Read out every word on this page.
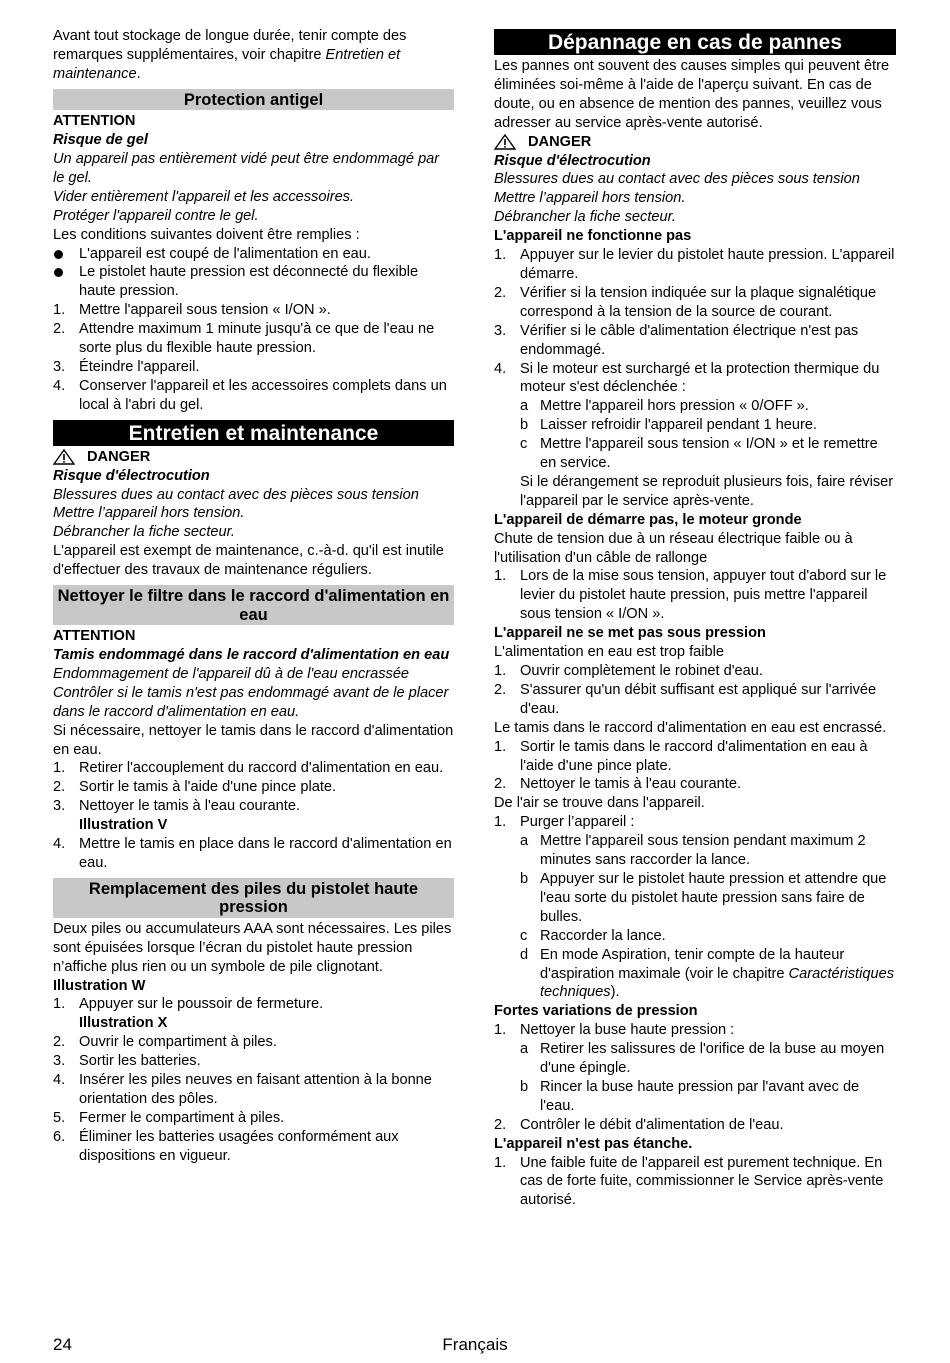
Avant tout stockage de longue durée, tenir compte des remarques supplémentaires, voir chapitre Entretien et maintenance.

Protection antigel

ATTENTION

Risque de gel

Un appareil pas entièrement vidé peut être endommagé par le gel.

Vider entièrement l'appareil et les accessoires.

Protéger l'appareil contre le gel.

Les conditions suivantes doivent être remplies :

L'appareil est coupé de l'alimentation en eau.
Le pistolet haute pression est déconnecté du flexible haute pression.
1. Mettre l'appareil sous tension « I/ON ».
2. Attendre maximum 1 minute jusqu'à ce que de l'eau ne sorte plus du flexible haute pression.
3. Éteindre l'appareil.
4. Conserver l'appareil et les accessoires complets dans un local à l'abri du gel.
Entretien et maintenance

DANGER

Risque d'électrocution

Blessures dues au contact avec des pièces sous tension

Mettre l’appareil hors tension.

Débrancher la fiche secteur.

L'appareil est exempt de maintenance, c.-à-d. qu'il est inutile d'effectuer des travaux de maintenance réguliers.

Nettoyer le filtre dans le raccord d'alimentation en eau

ATTENTION

Tamis endommagé dans le raccord d'alimentation en eau

Endommagement de l'appareil dû à de l'eau encrassée

Contrôler si le tamis n'est pas endommagé avant de le placer dans le raccord d'alimentation en eau.

Si nécessaire, nettoyer le tamis dans le raccord d'alimentation en eau.

1. Retirer l'accouplement du raccord d'alimentation en eau.
2. Sortir le tamis à l'aide d'une pince plate.
3. Nettoyer le tamis à l'eau courante.

Illustration V

4. Mettre le tamis en place dans le raccord d'alimentation en eau.
Remplacement des piles du pistolet haute pression

Deux piles ou accumulateurs AAA sont nécessaires. Les piles sont épuisées lorsque l’écran du pistolet haute pression n’affiche plus rien ou un symbole de pile clignotant.

Illustration W

1. Appuyer sur le poussoir de fermeture.

Illustration X

2. Ouvrir le compartiment à piles.
3. Sortir les batteries.
4. Insérer les piles neuves en faisant attention à la bonne orientation des pôles.
5. Fermer le compartiment à piles.
6. Éliminer les batteries usagées conformément aux dispositions en vigueur.
Dépannage en cas de pannes

Les pannes ont souvent des causes simples qui peuvent être éliminées soi-même à l'aide de l'aperçu suivant. En cas de doute, ou en absence de mention des pannes, veuillez vous adresser au service après-vente autorisé.

DANGER

Risque d'électrocution

Blessures dues au contact avec des pièces sous tension

Mettre l’appareil hors tension.

Débrancher la fiche secteur.

L'appareil ne fonctionne pas

1. Appuyer sur le levier du pistolet haute pression. L'appareil démarre.
2. Vérifier si la tension indiquée sur la plaque signalétique correspond à la tension de la source de courant.
3. Vérifier si le câble d'alimentation électrique n'est pas endommagé.
4. Si le moteur est surchargé et la protection thermique du moteur s'est déclenchée :
a Mettre l'appareil hors pression « 0/OFF ».
b Laisser refroidir l'appareil pendant 1 heure.
c Mettre l'appareil sous tension « I/ON » et le remettre en service.

Si le dérangement se reproduit plusieurs fois, faire réviser l'appareil par le service après-vente.

L'appareil de démarre pas, le moteur gronde

Chute de tension due à un réseau électrique faible ou à l'utilisation d'un câble de rallonge

1. Lors de la mise sous tension, appuyer tout d'abord sur le levier du pistolet haute pression, puis mettre l'appareil sous tension « I/ON ».

L'appareil ne se met pas sous pression

L'alimentation en eau est trop faible

1. Ouvrir complètement le robinet d'eau.
2. S'assurer qu'un débit suffisant est appliqué sur l'arrivée d'eau.

Le tamis dans le raccord d'alimentation en eau est encrassé.

1. Sortir le tamis dans le raccord d'alimentation en eau à l'aide d'une pince plate.
2. Nettoyer le tamis à l'eau courante.

De l'air se trouve dans l'appareil.

1. Purger l’appareil :
a Mettre l'appareil sous tension pendant maximum 2 minutes sans raccorder la lance.
b Appuyer sur le pistolet haute pression et attendre que l'eau sorte du pistolet haute pression sans faire de bulles.
c Raccorder la lance.
d En mode Aspiration, tenir compte de la hauteur d'aspiration maximale (voir le chapitre Caractéristiques techniques).

Fortes variations de pression

1. Nettoyer la buse haute pression :
a Retirer les salissures de l'orifice de la buse au moyen d'une épingle.
b Rincer la buse haute pression par l'avant avec de l'eau.
2. Contrôler le débit d'alimentation de l'eau.

L'appareil n'est pas étanche.

1. Une faible fuite de l'appareil est purement technique. En cas de forte fuite, commissionner le Service après-vente autorisé.
24	Français
